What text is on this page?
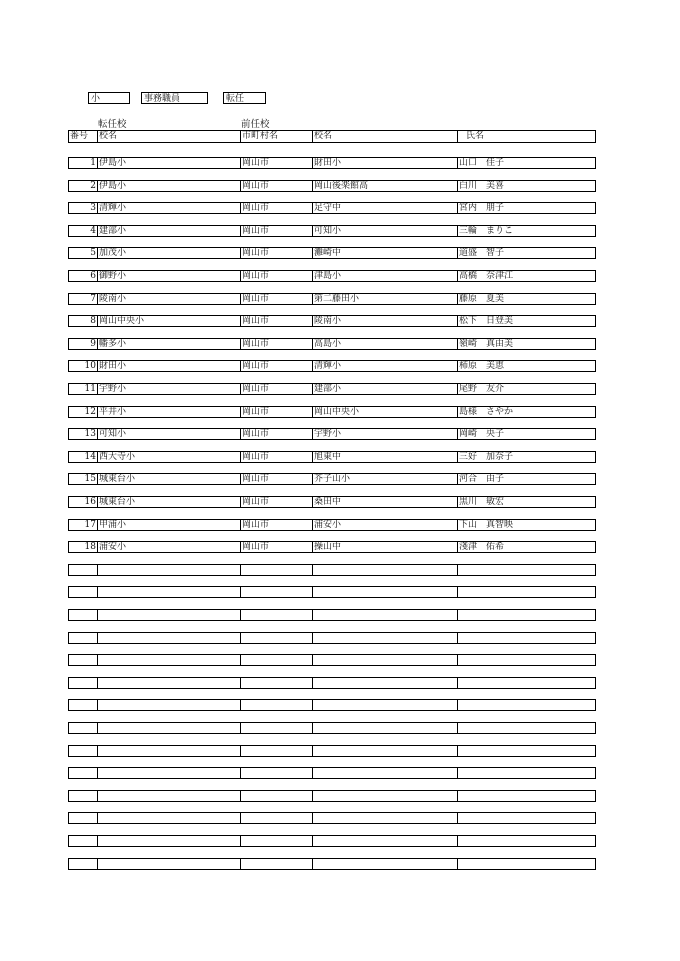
小	事務職員	転任
転任校	前任校
番号	校名	市町村名	校名	氏名
1 伊島小	岡山市	財田小	山口　佳子
2 伊島小	岡山市	岡山後楽館高	白川　美喜
3 清輝小	岡山市	足守中	宮内　朋子
4 建部小	岡山市	可知小	三輪　まりこ
5 加茂小	岡山市	灘崎中	道盛　智子
6 御野小	岡山市	津島小	高橋　奈津江
7 陵南小	岡山市	第二藤田小	藤原　夏美
8 岡山中央小	岡山市	陵南小	松下　日登美
9 幡多小	岡山市	高島小	嶺崎　真由美
10 財田小	岡山市	清輝小	柿原　美恵
11 宇野小	岡山市	建部小	尾野　友介
12 平井小	岡山市	岡山中央小	島様　さやか
13 可知小	岡山市	宇野小	岡崎　央子
14 西大寺小	岡山市	旭東中	三好　加奈子
15 城東台小	岡山市	芥子山小	河合　由子
16 城東台小	岡山市	桑田中	黒川　敏宏
17 甲浦小	岡山市	浦安小	下山　真智映
18 浦安小	岡山市	操山中	淺津　佑希
